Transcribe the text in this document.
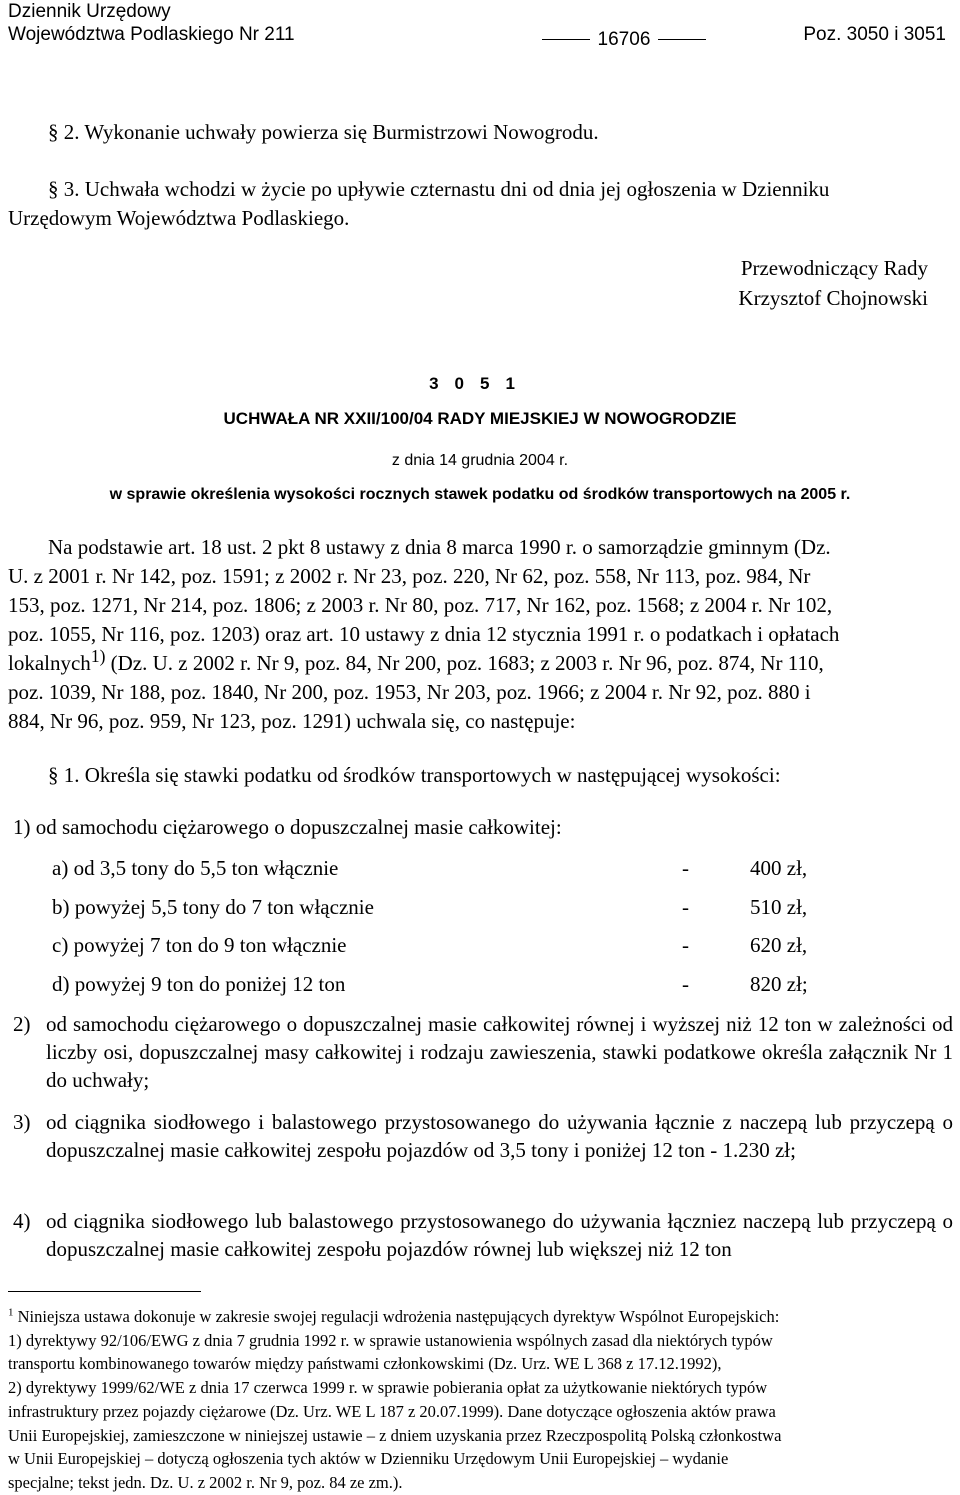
Dziennik Urzędowy
Województwa Podlaskiego Nr 211	16706	Poz. 3050 i 3051
§ 2. Wykonanie uchwały powierza się Burmistrzowi Nowogrodu.
§ 3. Uchwała wchodzi w życie po upływie czternastu dni od dnia jej ogłoszenia w Dzienniku
Urzędowym Województwa Podlaskiego.
Przewodniczący Rady
Krzysztof Chojnowski
3051
UCHWAŁA NR XXII/100/04 RADY MIEJSKIEJ W NOWOGRODZIE
z dnia 14 grudnia 2004 r.
w sprawie określenia wysokości rocznych stawek podatku od środków transportowych na 2005 r.
Na podstawie art. 18 ust. 2 pkt 8 ustawy z dnia 8 marca 1990 r. o samorządzie gminnym (Dz.
U. z 2001 r. Nr 142, poz. 1591; z 2002 r. Nr 23, poz. 220, Nr 62, poz. 558, Nr 113, poz. 984, Nr
153, poz. 1271, Nr 214, poz. 1806; z 2003 r. Nr 80, poz. 717, Nr 162, poz. 1568; z 2004 r. Nr 102,
poz. 1055, Nr 116, poz. 1203) oraz art. 10 ustawy z dnia 12 stycznia 1991 r. o podatkach i opłatach
lokalnych$^{1)}$ (Dz. U. z 2002 r. Nr 9, poz. 84, Nr 200, poz. 1683; z 2003 r. Nr 96, poz. 874, Nr 110,
poz. 1039, Nr 188, poz. 1840, Nr 200, poz. 1953, Nr 203, poz. 1966; z 2004 r. Nr 92, poz. 880 i
884, Nr 96, poz. 959, Nr 123, poz. 1291) uchwala się, co następuje:
§ 1. Określa się stawki podatku od środków transportowych w następującej wysokości:
1) od samochodu ciężarowego o dopuszczalnej masie całkowitej:
a) od 3,5 tony do 5,5 ton włącznie	-	400 zł,
b) powyżej 5,5 tony do 7 ton włącznie	-	510 zł,
c) powyżej 7 ton do 9 ton włącznie	-	620 zł,
d) powyżej 9 ton do poniżej 12 ton	-	820 zł;
2) od samochodu ciężarowego o dopuszczalnej masie całkowitej równej i wyższej niż 12 ton w zależności od liczby osi, dopuszczalnej masy całkowitej i rodzaju zawieszenia, stawki podatkowe określa załącznik Nr 1 do uchwały;
3) od ciągnika siodłowego i balastowego przystosowanego do używania łącznie z naczepą lub przyczepą o dopuszczalnej masie całkowitej zespołu pojazdów od 3,5 tony i poniżej 12 ton - 1.230 zł;
4) od ciągnika siodłowego lub balastowego przystosowanego do używania łączniez naczepą lub przyczepą o dopuszczalnej masie całkowitej zespołu pojazdów równej lub większej niż 12 ton
$^1$ Niniejsza ustawa dokonuje w zakresie swojej regulacji wdrożenia następujących dyrektyw Wspólnot Europejskich:
1) dyrektywy 92/106/EWG z dnia 7 grudnia 1992 r. w sprawie ustanowienia wspólnych zasad dla niektórych typów
transportu kombinowanego towarów między państwami członkowskimi (Dz. Urz. WE L 368 z 17.12.1992),
2) dyrektywy 1999/62/WE z dnia 17 czerwca 1999 r. w sprawie pobierania opłat za użytkowanie niektórych typów
infrastruktury przez pojazdy ciężarowe (Dz. Urz. WE L 187 z 20.07.1999). Dane dotyczące ogłoszenia aktów prawa
Unii Europejskiej, zamieszczone w niniejszej ustawie – z dniem uzyskania przez Rzeczpospolitą Polską członkostwa
w Unii Europejskiej – dotyczą ogłoszenia tych aktów w Dzienniku Urzędowym Unii Europejskiej – wydanie
specjalne; tekst jedn. Dz. U. z 2002 r. Nr 9, poz. 84 ze zm.).
